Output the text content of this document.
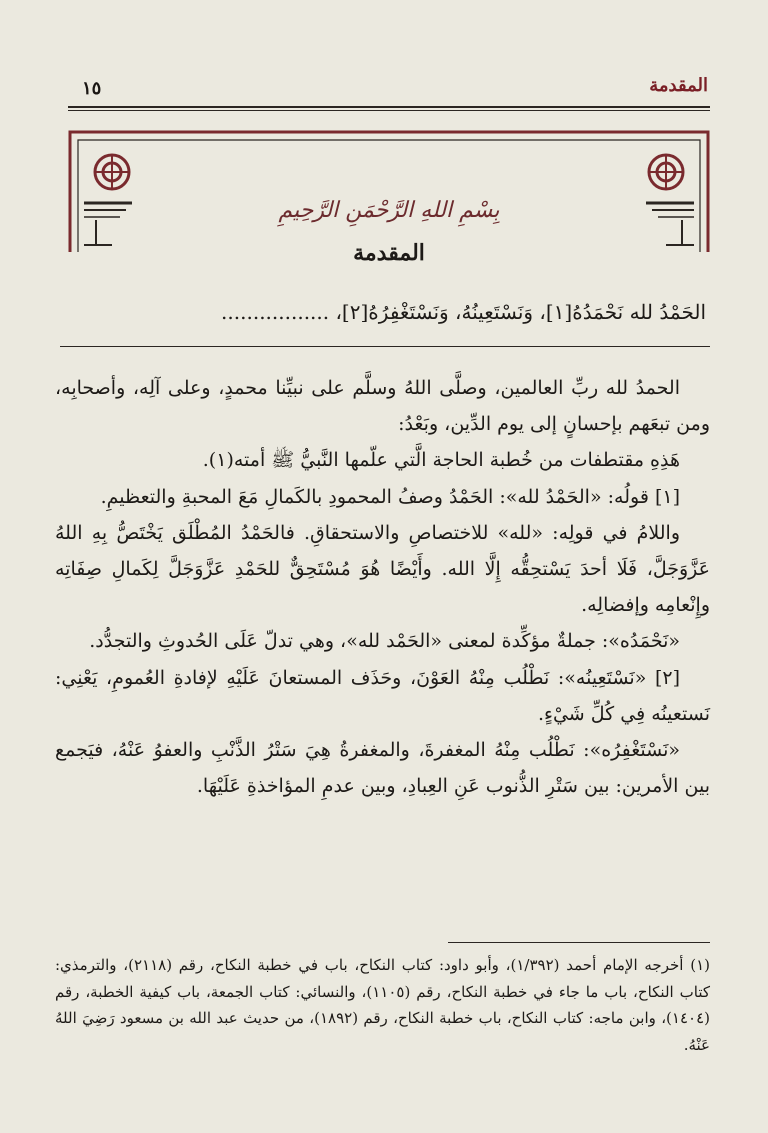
١٥	المقدمة
بِسْمِ اللهِ الرَّحْمَنِ الرَّحِيمِ
المقدمة
الحَمْدُ لله نَحْمَدُهُ[١]، وَنَسْتَعِينُهُ، وَنَسْتَغْفِرُهُ[٢]، .................

الحمدُ لله ربِّ العالمين، وصلَّى اللهُ وسلَّم على نبيِّنا محمدٍ، وعلى آلِه، وأصحابِه، ومن تبعَهم بإحسانٍ إلى يوم الدِّين، وبَعْدُ:

هَذِهِ مقتطفات من خُطبة الحاجة الَّتي علّمها النَّبيُّ ﷺ أمته(١).

[١] قولُه: «الحَمْدُ لله»: الحَمْدُ وصفُ المحمودِ بالكَمالِ مَعَ المحبةِ والتعظيمِ.

واللامُ في قولِه: «لله» للاختصاصِ والاستحقاقِ. فالحَمْدُ المُطْلَق يَخْتَصُّ بِهِ اللهُ عَزَّوَجَلَّ، فَلَا أحدَ يَسْتحِقُّه إِلَّا الله. وأَيْضًا هُوَ مُسْتَحِقٌّ للحَمْدِ عَزَّوَجَلَّ لِكَمالِ صِفَاتِه وإِنْعامِه وإفضالِه.

«نَحْمَدُه»: جملةٌ مؤكِّدة لمعنى «الحَمْد لله»، وهي تدلّ عَلَى الحُدوثِ والتجدُّد.

[٢] «نَسْتَعِينُه»: نَطْلُب مِنْهُ العَوْنَ، وحَذَف المستعانَ عَلَيْهِ لإفادةِ العُمومِ، يَعْنِي: نَستعينُه فِي كُلِّ شَيْءٍ.

«نَسْتَغْفِرُه»: نَطْلُب مِنْهُ المغفرةَ، والمغفرةُ هِيَ سَتْرُ الذَّنْبِ والعفوُ عَنْهُ، فيَجمع بين الأمرين: بين سَتْرِ الذُّنوب عَنِ العِبادِ، وبين عدمِ المؤاخذةِ عَلَيْهَا.

(١) أخرجه الإمام أحمد (١/٣٩٢)، وأبو داود: كتاب النكاح، باب في خطبة النكاح، رقم (٢١١٨)، والترمذي: كتاب النكاح، باب ما جاء في خطبة النكاح، رقم (١١٠٥)، والنسائي: كتاب الجمعة، باب كيفية الخطبة، رقم (١٤٠٤)، وابن ماجه: كتاب النكاح، باب خطبة النكاح، رقم (١٨٩٢)، من حديث عبد الله بن مسعود رَضِيَ اللهُ عَنْهُ.
